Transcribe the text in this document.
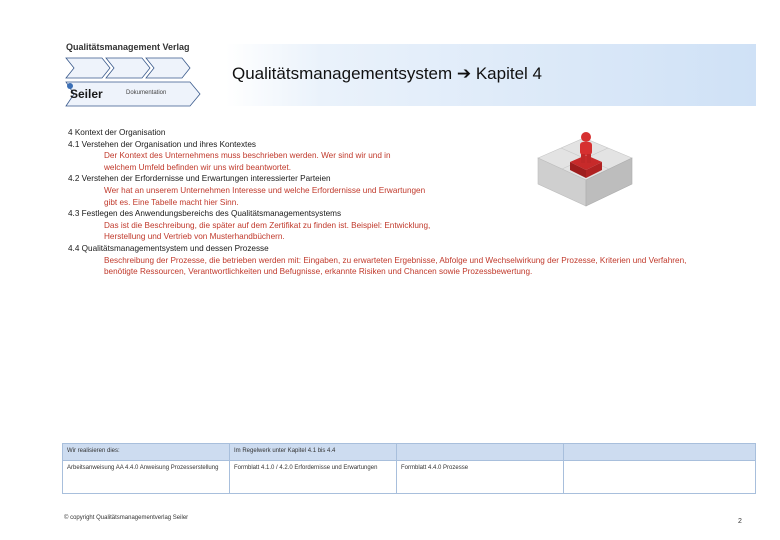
Qualitätsmanagement Verlag
Seiler	Dokumentation
Qualitätsmanagementsystem ➔ Kapitel 4
4 Kontext der Organisation
4.1 Verstehen der Organisation und ihres Kontextes
Der Kontext des Unternehmens muss beschrieben werden. Wer sind wir und in welchem Umfeld befinden wir uns wird beantwortet.
4.2 Verstehen der Erfordernisse und Erwartungen interessierter Parteien
Wer hat an unserem Unternehmen Interesse und welche Erfordernisse und Erwartungen gibt es. Eine Tabelle macht hier Sinn.
4.3 Festlegen des Anwendungsbereichs des Qualitätsmanagementsystems
Das ist die Beschreibung, die später auf dem Zertifikat zu finden ist. Beispiel: Entwicklung, Herstellung und Vertrieb von Musterhandbüchern.
4.4 Qualitätsmanagementsystem und dessen Prozesse
Beschreibung der Prozesse, die betrieben werden mit: Eingaben, zu erwarteten Ergebnisse, Abfolge und Wechselwirkung der Prozesse, Kriterien und Verfahren, benötigte Ressourcen, Verantwortlichkeiten und Befugnisse, erkannte Risiken und Chancen sowie Prozessbewertung.
Wir realisieren dies:	Im Regelwerk unter Kapitel 4.1 bis 4.4		
Arbeitsanweisung AA 4.4.0 Anweisung Prozesserstellung	Formblatt 4.1.0 / 4.2.0 Erfordernisse und Erwartungen	Formblatt 4.4.0 Prozesse	
© copyright Qualitätsmanagementverlag Seiler	2
